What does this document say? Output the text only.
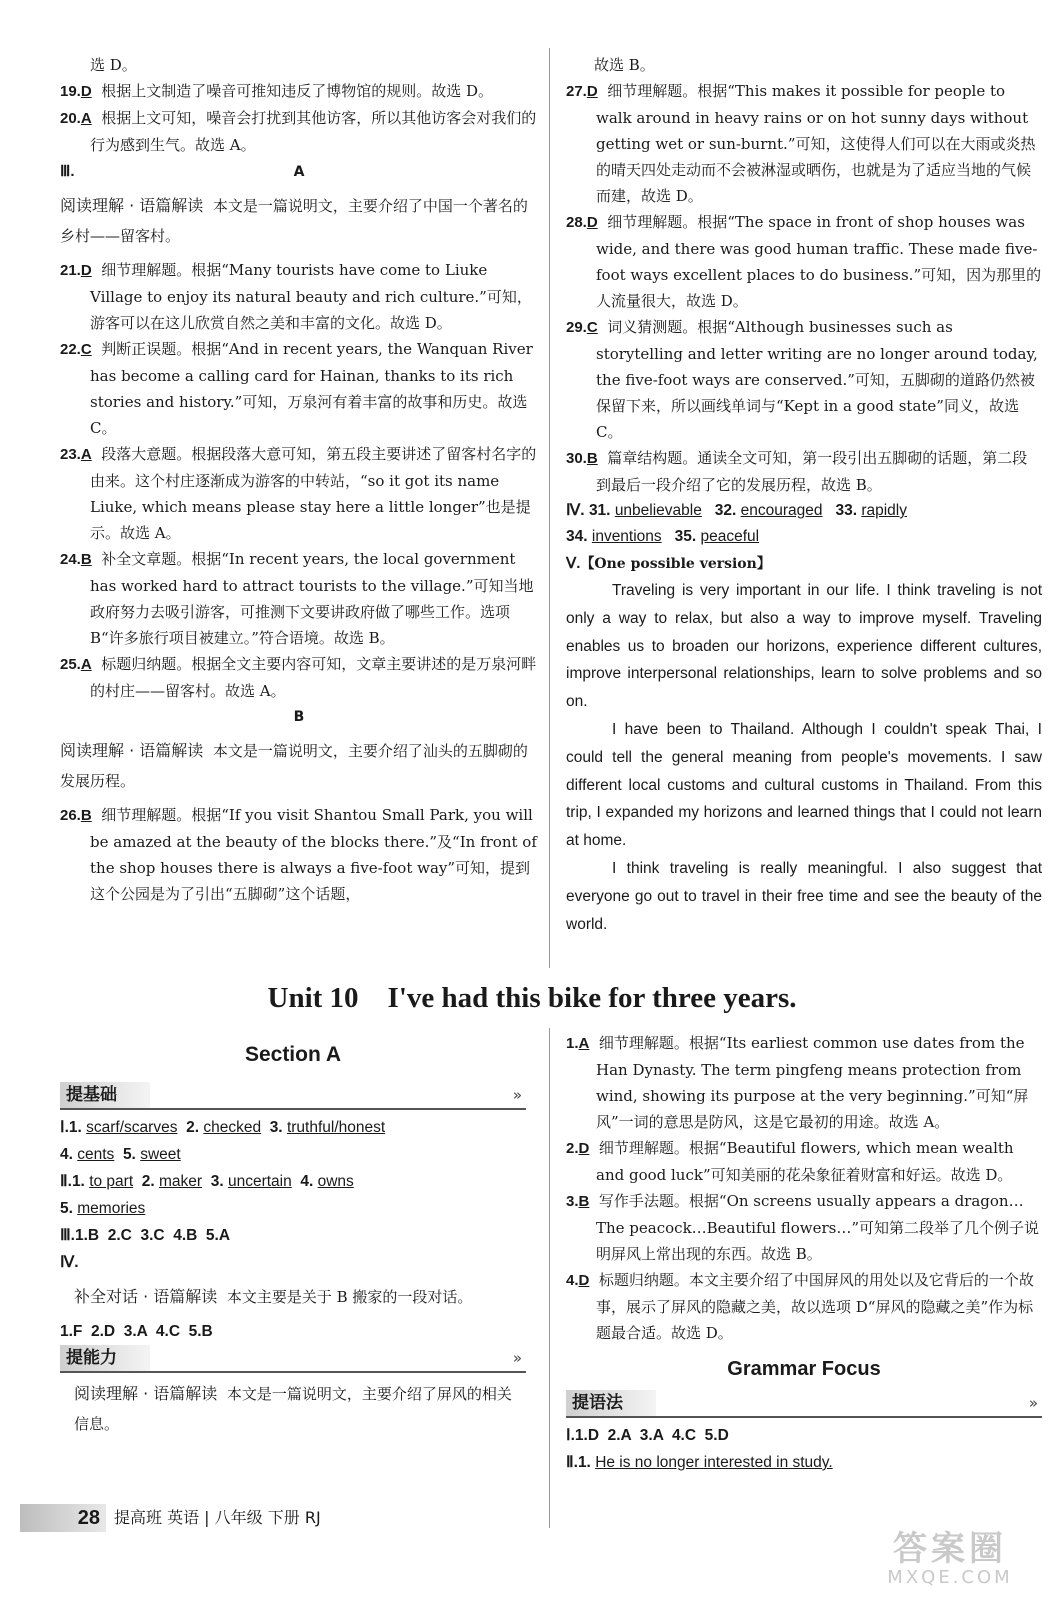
选 D。

19.D 根据上文制造了噪音可推知违反了博物馆的规则。故选 D。

20.A 根据上文可知，噪音会打扰到其他访客，所以其他访客会对我们的行为感到生气。故选 A。

Ⅲ.	A

阅读理解 · 语篇解读 本文是一篇说明文，主要介绍了中国一个著名的乡村——留客村。

21.D 细节理解题。根据“Many tourists have come to Liuke Village to enjoy its natural beauty and rich culture.”可知，游客可以在这儿欣赏自然之美和丰富的文化。故选 D。

22.C 判断正误题。根据“And in recent years, the Wanquan River has become a calling card for Hainan, thanks to its rich stories and history.”可知，万泉河有着丰富的故事和历史。故选 C。

23.A 段落大意题。根据段落大意可知，第五段主要讲述了留客村名字的由来。这个村庄逐渐成为游客的中转站，“so it got its name Liuke, which means please stay here a little longer”也是提示。故选 A。

24.B 补全文章题。根据“In recent years, the local government has worked hard to attract tourists to the village.”可知当地政府努力去吸引游客，可推测下文要讲政府做了哪些工作。选项 B“许多旅行项目被建立。”符合语境。故选 B。

25.A 标题归纳题。根据全文主要内容可知，文章主要讲述的是万泉河畔的村庄——留客村。故选 A。

B

阅读理解 · 语篇解读 本文是一篇说明文，主要介绍了汕头的五脚砌的发展历程。

26.B 细节理解题。根据“If you visit Shantou Small Park, you will be amazed at the beauty of the blocks there.”及“In front of the shop houses there is always a five-foot way”可知，提到这个公园是为了引出“五脚砌”这个话题，

故选 B。

27.D 细节理解题。根据“This makes it possible for people to walk around in heavy rains or on hot sunny days without getting wet or sun-burnt.”可知，这使得人们可以在大雨或炎热的晴天四处走动而不会被淋湿或晒伤，也就是为了适应当地的气候而建，故选 D。

28.D 细节理解题。根据“The space in front of shop houses was wide, and there was good human traffic. These made five-foot ways excellent places to do business.”可知，因为那里的人流量很大，故选 D。

29.C 词义猜测题。根据“Although businesses such as storytelling and letter writing are no longer around today, the five-foot ways are conserved.”可知，五脚砌的道路仍然被保留下来，所以画线单词与“Kept in a good state”同义，故选 C。

30.B 篇章结构题。通读全文可知，第一段引出五脚砌的话题，第二段到最后一段介绍了它的发展历程，故选 B。

Ⅳ. 31. unbelievable 32. encouraged 33. rapidly

34. inventions 35. peaceful

Ⅴ.【One possible version】

Traveling is very important in our life. I think traveling is not only a way to relax, but also a way to improve myself. Traveling enables us to broaden our horizons, experience different cultures, improve interpersonal relationships, learn to solve problems and so on.

I have been to Thailand. Although I couldn't speak Thai, I could tell the general meaning from people's movements. I saw different local customs and cultural customs in Thailand. From this trip, I expanded my horizons and learned things that I could not learn at home.

I think traveling is really meaningful. I also suggest that everyone go out to travel in their free time and see the beauty of the world.

Unit 10    I've had this bike for three years.

Section A

提基础	»

Ⅰ.1. scarf/scarves 2. checked 3. truthful/honest

4. cents 5. sweet

Ⅱ.1. to part 2. maker 3. uncertain 4. owns

5. memories

Ⅲ.1.B  2.C  3.C  4.B  5.A

Ⅳ.

补全对话 · 语篇解读 本文主要是关于 B 搬家的一段对话。

1.F  2.D  3.A  4.C  5.B

提能力	»

阅读理解 · 语篇解读 本文是一篇说明文，主要介绍了屏风的相关信息。

1.A 细节理解题。根据“Its earliest common use dates from the Han Dynasty. The term pingfeng means protection from wind, showing its purpose at the very beginning.”可知“屏风”一词的意思是防风，这是它最初的用途。故选 A。

2.D 细节理解题。根据“Beautiful flowers, which mean wealth and good luck”可知美丽的花朵象征着财富和好运。故选 D。

3.B 写作手法题。根据“On screens usually appears a dragon…The peacock…Beautiful flowers…”可知第二段举了几个例子说明屏风上常出现的东西。故选 B。

4.D 标题归纳题。本文主要介绍了中国屏风的用处以及它背后的一个故事，展示了屏风的隐藏之美，故以选项 D“屏风的隐藏之美”作为标题最合适。故选 D。

Grammar Focus

提语法	»

Ⅰ.1.D  2.A  3.A  4.C  5.D

Ⅱ.1. He is no longer interested in study.

28 提高班 英语 | 八年级 下册 RJ
答案圈
MXQE.COM
